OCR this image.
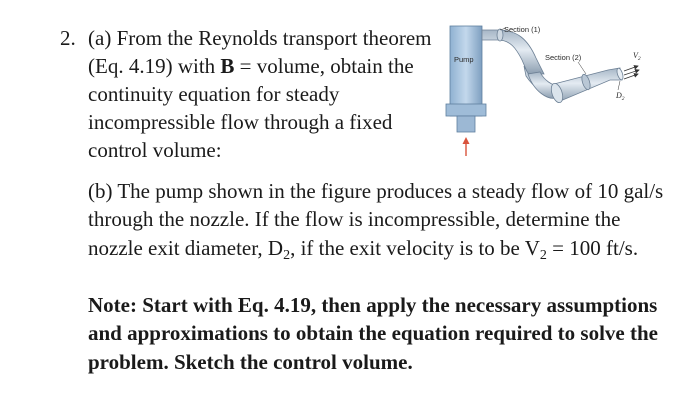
2. (a) From the Reynolds transport theorem (Eq. 4.19) with B = volume, obtain the continuity equation for steady incompressible flow through a fixed control volume:
Pump
Section (1)
Section (2)	$V_2$
$D_2$
(b) The pump shown in the figure produces a steady flow of 10 gal/s through the nozzle. If the flow is incompressible, determine the nozzle exit diameter, $D_2$, if the exit velocity is to be $V_2 = 100$ ft/s.
Note: Start with Eq. 4.19, then apply the necessary assumptions and approximations to obtain the equation required to solve the problem. Sketch the control volume.
